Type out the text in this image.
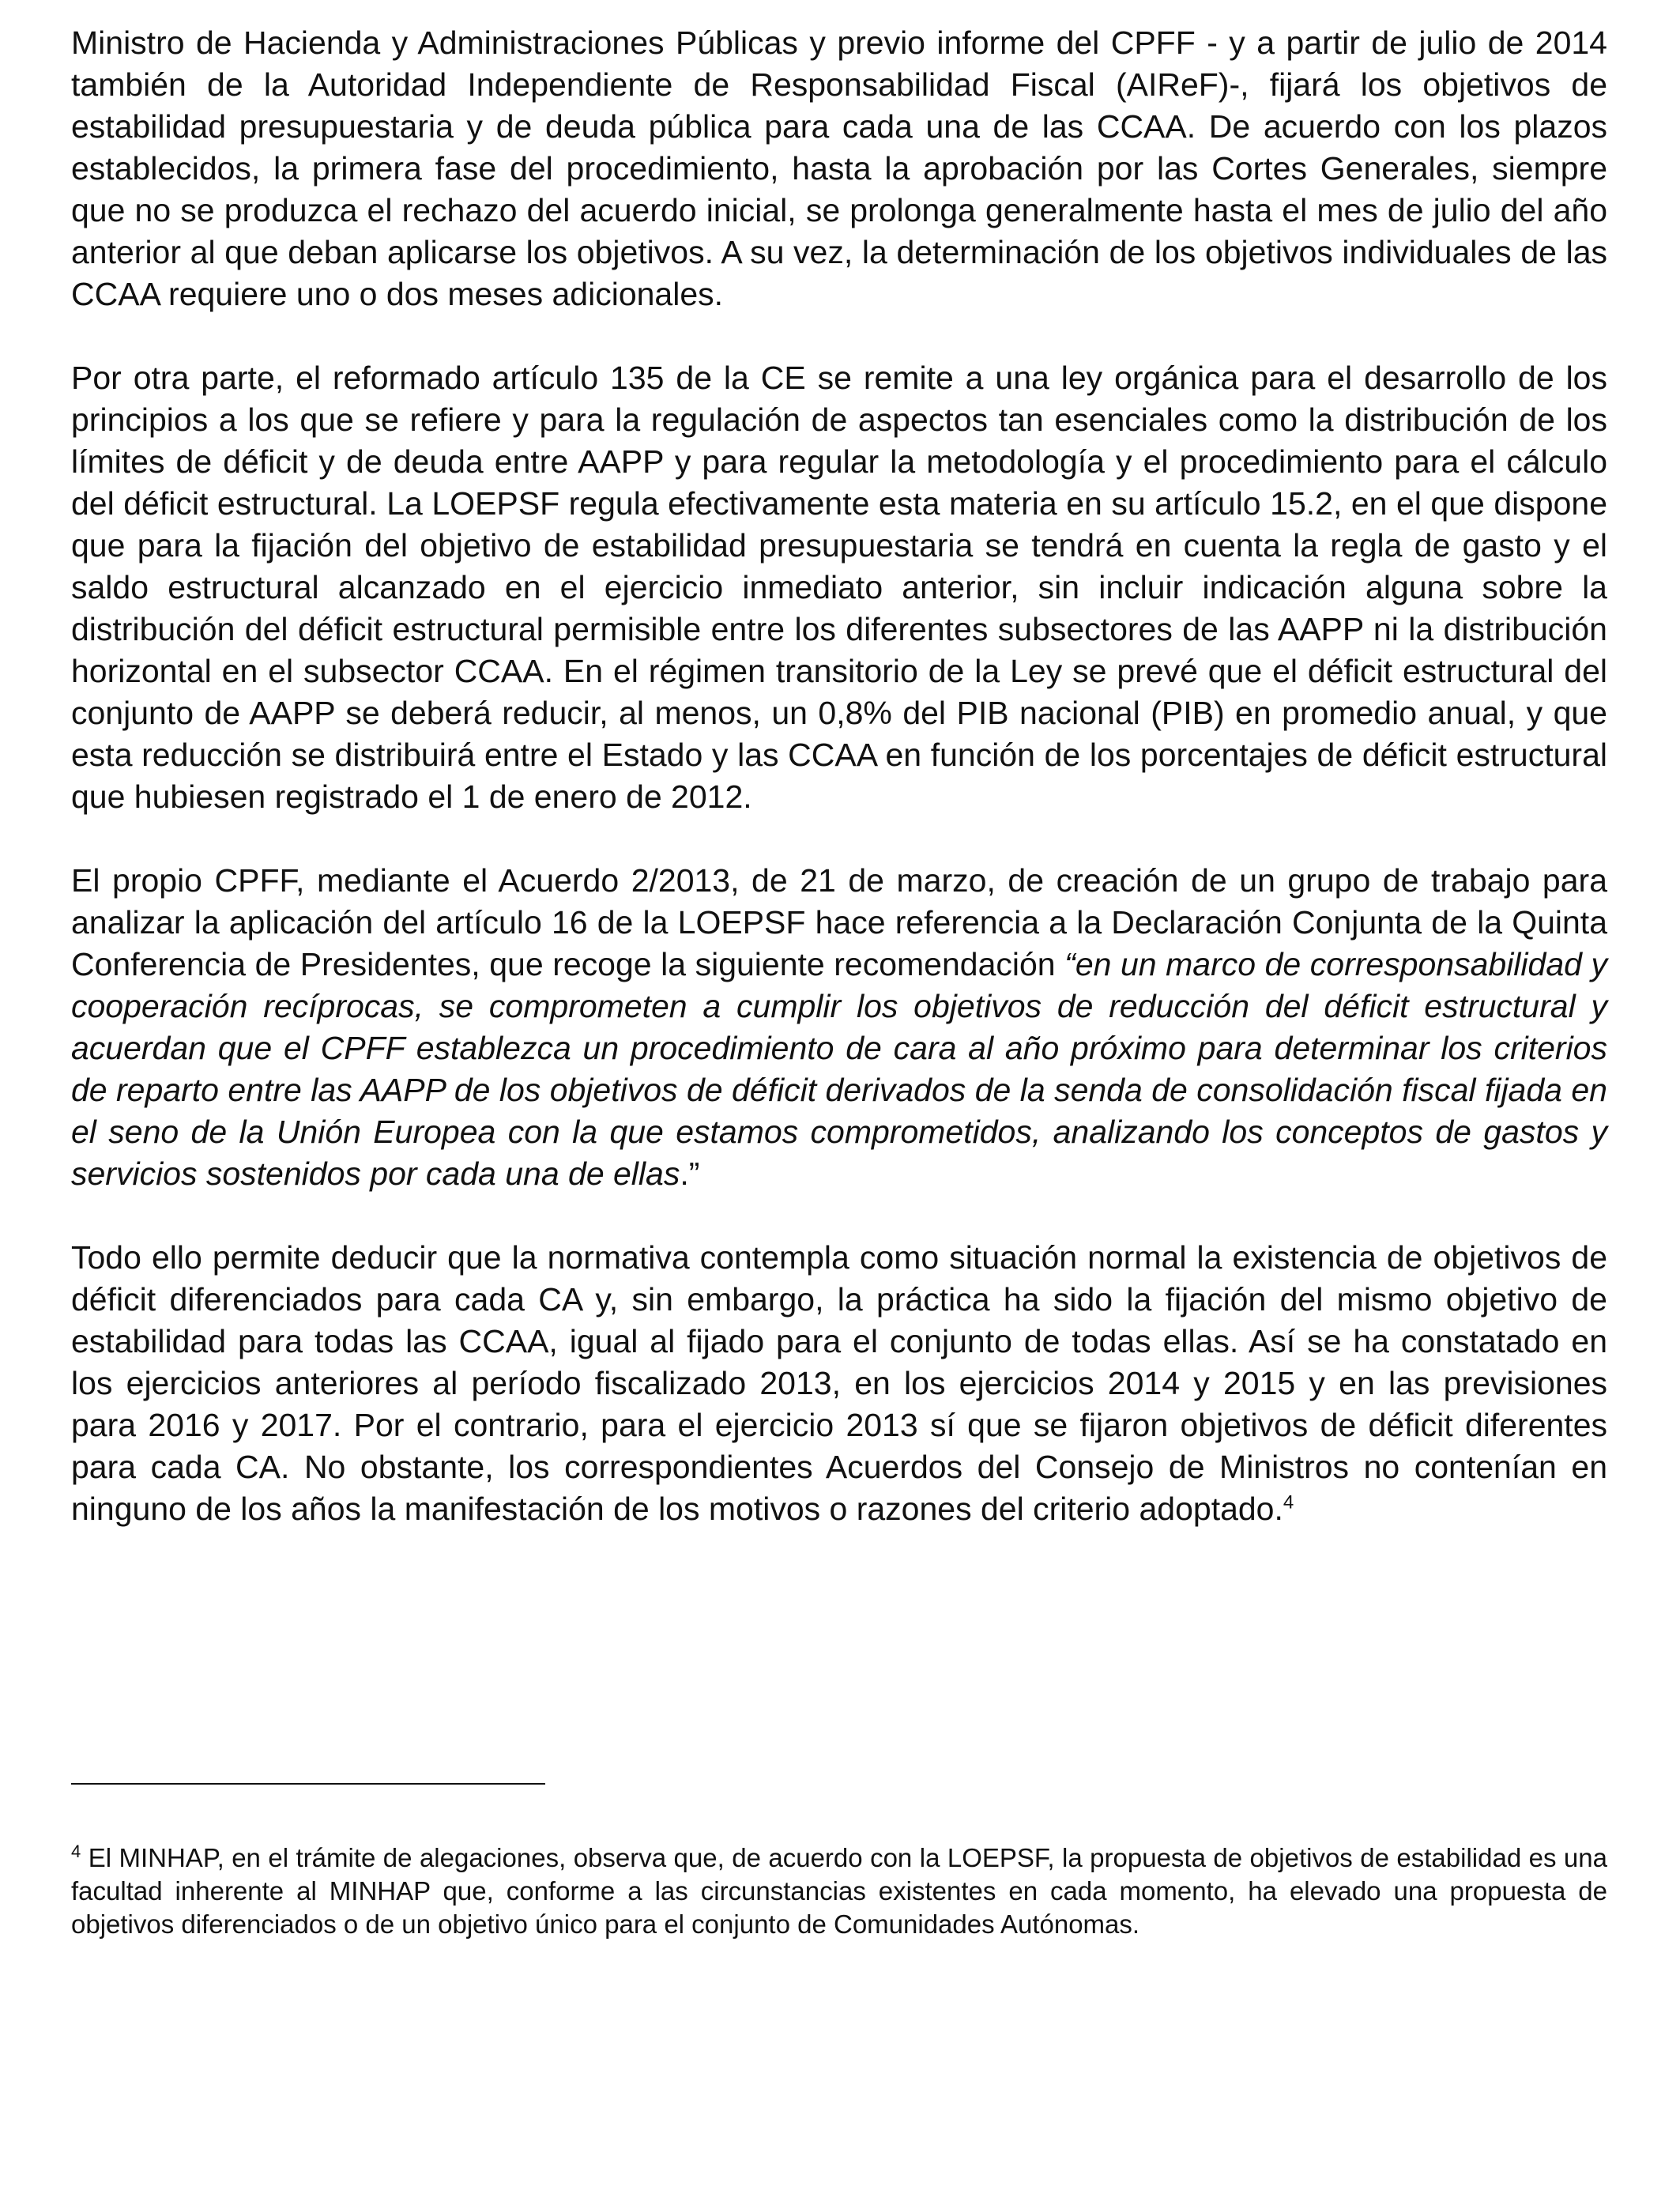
Ministro de Hacienda y Administraciones Públicas y previo informe del CPFF - y a partir de julio de 2014 también de la Autoridad Independiente de Responsabilidad Fiscal (AIReF)-, fijará los objetivos de estabilidad presupuestaria y de deuda pública para cada una de las CCAA. De acuerdo con los plazos establecidos, la primera fase del procedimiento, hasta la aprobación por las Cortes Generales, siempre que no se produzca el rechazo del acuerdo inicial, se prolonga generalmente hasta el mes de julio del año anterior al que deban aplicarse los objetivos. A su vez, la determinación de los objetivos individuales de las CCAA requiere uno o dos meses adicionales.

Por otra parte, el reformado artículo 135 de la CE se remite a una ley orgánica para el desarrollo de los principios a los que se refiere y para la regulación de aspectos tan esenciales como la distribución de los límites de déficit y de deuda entre AAPP y para regular la metodología y el procedimiento para el cálculo del déficit estructural. La LOEPSF regula efectivamente esta materia en su artículo 15.2, en el que dispone que para la fijación del objetivo de estabilidad presupuestaria se tendrá en cuenta la regla de gasto y el saldo estructural alcanzado en el ejercicio inmediato anterior, sin incluir indicación alguna sobre la distribución del déficit estructural permisible entre los diferentes subsectores de las AAPP ni la distribución horizontal en el subsector CCAA. En el régimen transitorio de la Ley se prevé que el déficit estructural del conjunto de AAPP se deberá reducir, al menos, un 0,8% del PIB nacional (PIB) en promedio anual, y que esta reducción se distribuirá entre el Estado y las CCAA en función de los porcentajes de déficit estructural que hubiesen registrado el 1 de enero de 2012.

El propio CPFF, mediante el Acuerdo 2/2013, de 21 de marzo, de creación de un grupo de trabajo para analizar la aplicación del artículo 16 de la LOEPSF hace referencia a la Declaración Conjunta de la Quinta Conferencia de Presidentes, que recoge la siguiente recomendación “en un marco de corresponsabilidad y cooperación recíprocas, se comprometen a cumplir los objetivos de reducción del déficit estructural y acuerdan que el CPFF establezca un procedimiento de cara al año próximo para determinar los criterios de reparto entre las AAPP de los objetivos de déficit derivados de la senda de consolidación fiscal fijada en el seno de la Unión Europea con la que estamos comprometidos, analizando los conceptos de gastos y servicios sostenidos por cada una de ellas.”

Todo ello permite deducir que la normativa contempla como situación normal la existencia de objetivos de déficit diferenciados para cada CA y, sin embargo, la práctica ha sido la fijación del mismo objetivo de estabilidad para todas las CCAA, igual al fijado para el conjunto de todas ellas. Así se ha constatado en los ejercicios anteriores al período fiscalizado 2013, en los ejercicios 2014 y 2015 y en las previsiones para 2016 y 2017. Por el contrario, para el ejercicio 2013 sí que se fijaron objetivos de déficit diferentes para cada CA. No obstante, los correspondientes Acuerdos del Consejo de Ministros no contenían en ninguno de los años la manifestación de los motivos o razones del criterio adoptado.$^4$

$^4$ El MINHAP, en el trámite de alegaciones, observa que, de acuerdo con la LOEPSF, la propuesta de objetivos de estabilidad es una facultad inherente al MINHAP que, conforme a las circunstancias existentes en cada momento, ha elevado una propuesta de objetivos diferenciados o de un objetivo único para el conjunto de Comunidades Autónomas.
